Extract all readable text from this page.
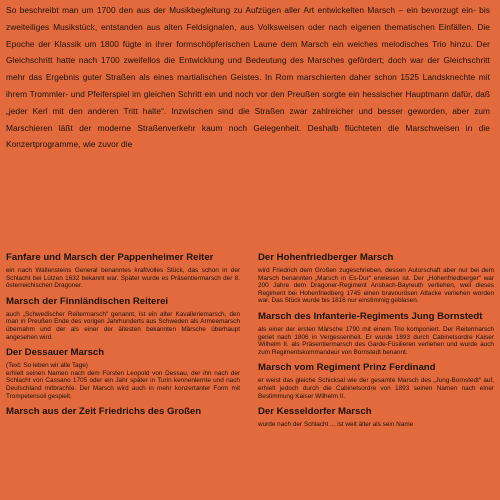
So beschreibt man um 1700 den aus der Musikbegleitung zu Aufzügen aller Art entwickelten Marsch – ein bevorzugt ein- bis zweiteiliges Musikstück, entstanden aus alten Feldsignalen, aus Volksweisen oder nach eigenen thematischen Einfällen. Die Epoche der Klassik um 1800 fügte in ihrer formschöpferischen Laune dem Marsch ein weiches melodisches Trio hinzu. Der Gleichschritt hatte nach 1700 zweifellos die Entwicklung und Bedeutung des Marsches gefördert; doch war der Gleichschritt mehr das Ergebnis guter Straßen als eines martialischen Geistes. In Rom marschierten daher schon 1525 Landsknechte mit ihrem Trommler- und Pfeiferspiel im gleichen Schritt ein und noch vor den Preußen sorgte ein hessischer Hauptmann dafür, daß „jeder Kerl mit den anderen Tritt halte“. Inzwischen sind die Straßen zwar zahlreicher und besser geworden, aber zum Marschieren läßt der moderne Straßenverkehr kaum noch Gelegenheit. Deshalb flüchteten die Marschweisen in die Konzertprogramme, wie zuvor die
Fanfare und Marsch der Pappenheimer Reiter
ein nach Wallensteins General benanntes kraftvolles Stück, das schon in der Schlacht bei Lützen 1632 bekannt war. Später wurde es Präsentiermarsch der 8. österreichischen Dragoner.
Marsch der Finnländischen Reiterei
auch „Schwedischer Reitermarsch“ genannt, ist ein alter Kavalleriemarsch, den man in Preußen Ende des vorigen Jahrhunderts aus Schweden als Armeemarsch übernahm und der als einer der ältesten bekannten Märsche überhaupt angesehen wird.
Der Dessauer Marsch
(Text: So leben wir alle Tage)
erhielt seinen Namen nach dem Fürsten Leopold von Dessau, der ihn nach der Schlacht von Cassano 1705 oder ein Jahr später in Turin kennenlernte und nach Deutschland mitbrachte. Der Marsch wird auch in mehr konzertanter Form mit Trompetensoli gespielt.
Marsch aus der Zeit Friedrichs des Großen
Der Hohenfriedberger Marsch
wird Friedrich dem Großen zugeschrieben, dessen Autorschaft aber nur bei dem Marsch benannten „Marsch in Es-Dur“ erwiesen ist. Der „Hohenfriedberger“ war 200 Jahre dem Dragoner-Regiment Ansbach-Bayreuth verliehen, weil dieses Regiment bei Hohenfriedberg 1745 einen bravourösen Attacke verliehen worden war. Das Stück wurde bis 1816 nur einstimmig geblasen.
Marsch des Infanterie-Regiments Jung Bornstedt
als einer der ersten Märsche 1790 mit einem Trio komponiert. Der Reitermarsch geriet nach 1806 in Vergessenheit. Er wurde 1893 durch Cabinetsordre Kaiser Wilhelm II. als Präsentiermarsch des Garde-Füsilieren verliehen und wurde auch zum Regimentskommandeur von Bornstedt benannt.
Marsch vom Regiment Prinz Ferdinand
er weist das gleiche Schicksal wie der gesamte Marsch des „Jung-Bornstedt“ auf, erhielt jedoch durch die Cabinetsordre von 1893 seinen Namen nach einer Bestimmung Kaiser Wilhelm II.
Der Kesseldorfer Marsch
wurde nach der Schlacht ... ist weit älter als sein Name
